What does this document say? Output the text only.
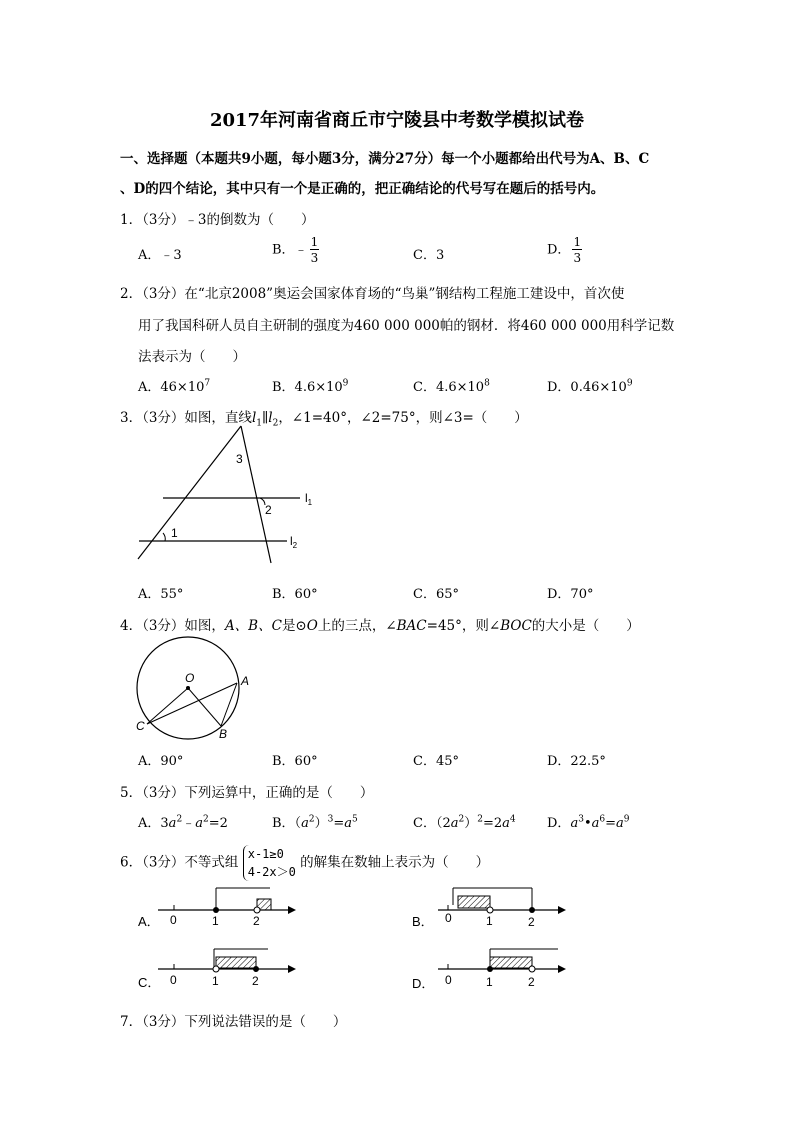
2017年河南省商丘市宁陵县中考数学模拟试卷
一、选择题（本题共9小题，每小题3分，满分27分）每一个小题都给出代号为A、B、C
、D的四个结论，其中只有一个是正确的，把正确结论的代号写在题后的括号内。
1．（3分）﹣3的倒数为（　　）
A．﹣3	B．﹣ $\frac{1}{3}$	C．3	D． $\frac{1}{3}$
2．（3分）在“北京2008”奥运会国家体育场的“鸟巢”钢结构工程施工建设中，首次使
用了我国科研人员自主研制的强度为460 000 000帕的钢材．将460 000 000用科学记数
法表示为（　　）
A．$46\times 10^7$	B．$4.6\times 10^9$	C．$4.6\times 10^8$	D．$0.46\times 10^9$
3．（3分）如图，直线$l_1\parallel l_2$，∠1=40°，∠2=75°，则∠3=（　　）
1
2
3
$l_1$
$l_2$
A．55°	B．60°	C．65°	D．70°
4．（3分）如图，A、B、C是⊙O上的三点，∠BAC=45°，则∠BOC的大小是（　　）
O	A
B
C
A．90°	B．60°	C．45°	D．22.5°
5．（3分）下列运算中，正确的是（　　）
A．$3a^2﹣a^2=2$	B．$(a^2)^3=a^5$	C．$(2a^2)^2=2a^4$ D．$a^3•a^6=a^9$
6．（3分）不等式组
x-1≥0
4-2x＞0
的解集在数轴上表示为（　　）
A． 0	1	2	B． 0	1	2
C． 0	1	2	D． 0	1	2
7．（3分）下列说法错误的是（　　）
